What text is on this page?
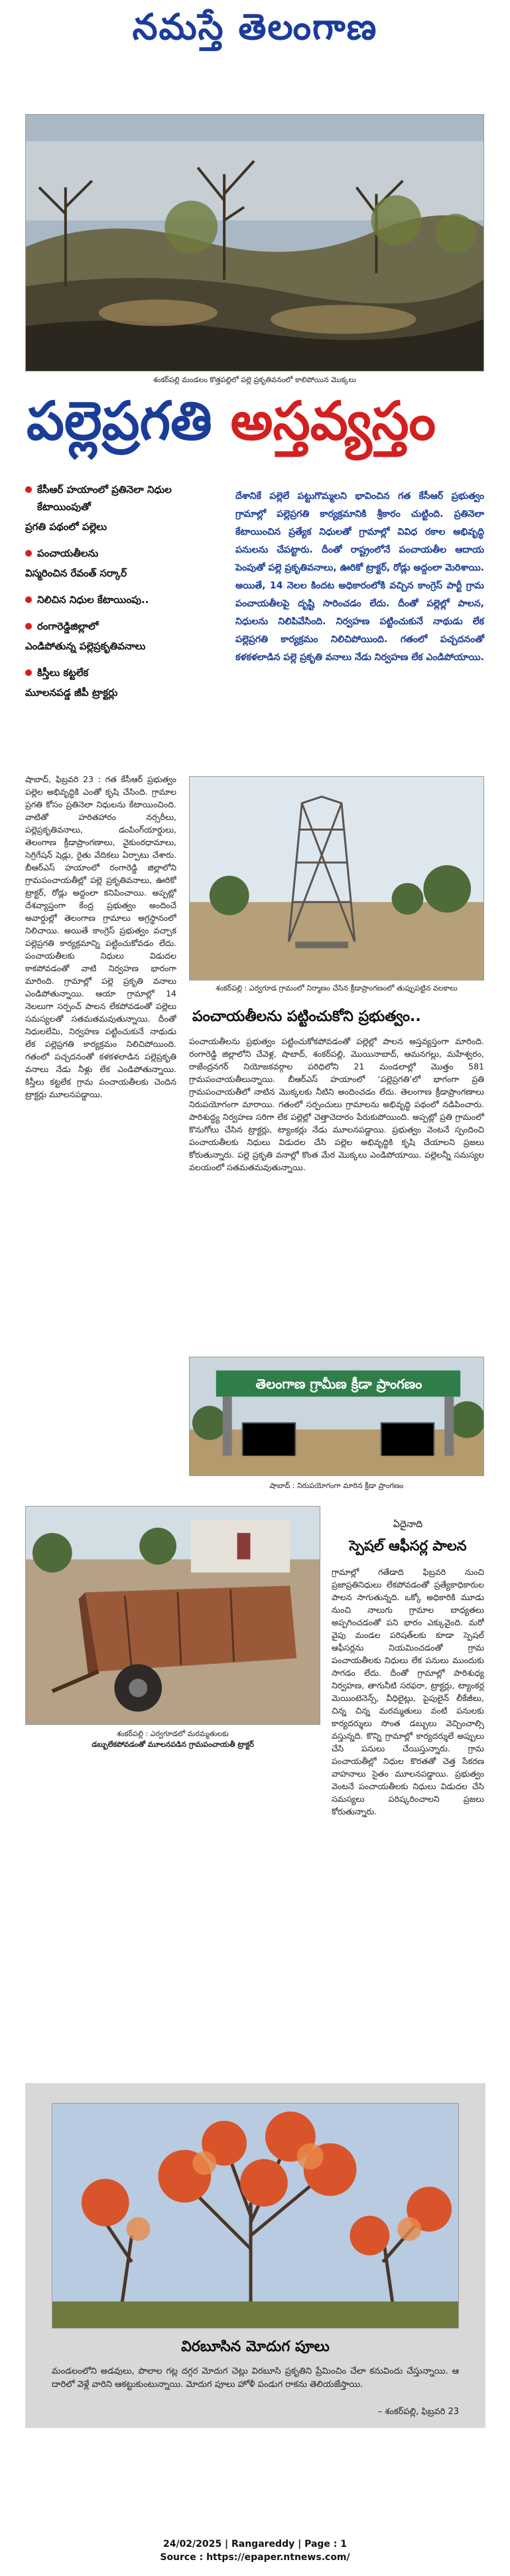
నమస్తే తెలంగాణ
శంకర్‌పల్లి మండలం కొత్తపల్లిలో పల్లె ప్రకృతివనంలో కాలిపోయిన మొక్కలు
పల్లెప్రగతి అస్తవ్యస్తం
కేసీఆర్ హయాంలో ప్రతినెలా నిధుల కేటాయింపుతో
ప్రగతి పథంలో పల్లెలు
పంచాయతీలను
విస్మరించిన రేవంత్ సర్కార్
నిలిచిన నిధుల కేటాయింపు..
రంగారెడ్డిజిల్లాలో
ఎండిపోతున్న పల్లెప్రకృతివనాలు
కిస్తీలు కట్టలేక
మూలనపడ్డ జీపీ ట్రాక్టర్లు
దేశానికే పల్లెలే పట్టుగొమ్మలని భావించిన గత కేసీఆర్ ప్రభుత్వం గ్రామాల్లో పల్లెప్రగతి కార్యక్రమానికి శ్రీకారం చుట్టింది. ప్రతినెలా కేటాయించిన ప్రత్యేక నిధులతో గ్రామాల్లో వివిధ రకాల అభివృద్ధి పనులను చేపట్టారు. దీంతో రాష్ట్రంలోనే పంచాయతీల ఆదాయ పెంపుతో పల్లె ప్రకృతివనాలు, ఊరికో ట్రాక్టర్, రోడ్లు అద్దంలా మెరిశాయి. అయితే, 14 నెలల కిందట అధికారంలోకి వచ్చిన కాంగ్రెస్ పార్టీ గ్రామ పంచాయతీలపై దృష్టి సారించడం లేదు. దీంతో పల్లెల్లో పాలన, నిధులను నిలిపివేసింది. నిర్వహణ పట్టించుకునే నాథుడు లేక పల్లెప్రగతి కార్యక్రమం నిలిచిపోయింది. గతంలో పచ్చదనంతో కళకళలాడిన పల్లె ప్రకృతి వనాలు నేడు నిర్వహణ లేక ఎండిపోయాయి.
షాబాద్, ఫిబ్రవరి 23 : గత కేసీఆర్ ప్రభుత్వం పల్లెల అభివృద్ధికి ఎంతో కృషి చేసింది. గ్రామాల ప్రగతి కోసం ప్రతినెలా నిధులను కేటాయించింది. వాటితో హరితహారం నర్సరీలు, పల్లెప్రకృతివనాలు, డంపింగ్‌యార్డులు, తెలంగాణ క్రీడాప్రాంగణాలు, వైకుంఠధామాలు, సెగ్రిగేషన్ షెడ్లు, రైతు వేదికలు ఏర్పాటు చేశారు. బీఆర్ఎస్ హయాంలో రంగారెడ్డి జిల్లాలోని గ్రామపంచాయతీల్లో పల్లె ప్రకృతివనాలు, ఊరికో ట్రాక్టర్, రోడ్లు అద్దంలా కనిపించాయి. అప్పట్లో దేశవ్యాప్తంగా కేంద్ర ప్రభుత్వం అందించే అవార్డుల్లో తెలంగాణ గ్రామాలు అగ్రస్థానంలో నిలిచాయి. అయితే కాంగ్రెస్ ప్రభుత్వం వచ్చాక పల్లెప్రగతి కార్యక్రమాన్ని పట్టించుకోవడం లేదు. పంచాయతీలకు నిధులు విడుదల కాకపోవడంతో వాటి నిర్వహణ భారంగా మారింది. గ్రామాల్లో పల్లె ప్రకృతి వనాలు ఎండిపోతున్నాయి. ఆయా గ్రామాల్లో 14 నెలలుగా సర్పంచ్ పాలన లేకపోవడంతో పల్లెలు సమస్యలతో సతమతమవుతున్నాయి. దీంతో నిధులలేమి, నిర్వహణ పట్టించుకునే నాథుడు లేక పల్లెప్రగతి కార్యక్రమం నిలిచిపోయింది. గతంలో పచ్చదనంతో కళకళలాడిన పల్లెప్రకృతి వనాలు నేడు నీళ్లు లేక ఎండిపోతున్నాయి. కిస్తీలు కట్టలేక గ్రామ పంచాయతీలకు చెందిన ట్రాక్టర్లు మూలనపడ్డాయి.
శంకర్‌పల్లి : ఎర్వగూడ గ్రామంలో నిర్మాణం చేసిన క్రీడాప్రాంగణంలో తుప్పుపట్టిన వలకాలు
పంచాయతీలను పట్టించుకోని ప్రభుత్వం..
పంచాయతీలను ప్రభుత్వం పట్టించుకోకపోవడంతో పల్లెల్లో పాలన అస్తవ్యస్తంగా మారింది. రంగారెడ్డి జిల్లాలోని చేవెళ్ల, షాబాద్, శంకర్‌పల్లి, మొయినాబాద్, ఆమనగల్లు, మహేశ్వరం, రాజేంద్రనగర్ నియోజకవర్గాల పరిధిలోని 21 మండలాల్లో మొత్తం 581 గ్రామపంచాయతీలున్నాయి. బీఆర్ఎస్ హయాంలో ‘పల్లెప్రగతి’లో భాగంగా ప్రతి గ్రామపంచాయతీలో నాటిన మొక్కలకు నీటిని అందించడం లేదు. తెలంగాణ క్రీడాప్రాంగణాలు నిరుపయోగంగా మారాయి. గతంలో సర్పంచులు గ్రామాలను అభివృద్ధి పథంలో నడిపించారు. పారిశుద్ధ్య నిర్వహణ సరిగా లేక పల్లెల్లో చెత్తాచెదారం పేరుకుపోయింది. అప్పట్లో ప్రతి గ్రామంలో కొనుగోలు చేసిన ట్రాక్టర్లు, ట్యాంకర్లు నేడు మూలనపడ్డాయి. ప్రభుత్వం వెంటనే స్పందించి పంచాయతీలకు నిధులు విడుదల చేసి పల్లెల అభివృద్ధికి కృషి చేయాలని ప్రజలు కోరుతున్నారు. పల్లె ప్రకృతి వనాల్లో కొంత మేర మొక్కలు ఎండిపోయాయి. పల్లెలన్నీ సమస్యల వలయంలో సతమతమవుతున్నాయి.
తెలంగాణ గ్రామీణ క్రీడా ప్రాంగణం
షాబాద్ : నిరుపయోగంగా మారిన క్రీడా ప్రాంగణం
శంకర్‌పల్లి : ఎర్వగూడలో మరమ్మతులకు
డబ్బులేకపోవడంతో మూలనపడిన గ్రామపంచాయతీ ట్రాక్టర్
ఏదైనాది
స్పెషల్ ఆఫీసర్ల పాలన
గ్రామాల్లో గతేడాది ఫిబ్రవరి నుంచి ప్రజాప్రతినిధులు లేకపోవడంతో ప్రత్యేకాధికారుల పాలన సాగుతున్నది. ఒక్కో అధికారికి మూడు నుంచి నాలుగు గ్రామాల బాధ్యతలు అప్పగించడంతో పని భారం ఎక్కువైంది. మరో వైపు మండల పరిషత్‌లకు కూడా స్పెషల్ ఆఫీసర్లను నియమించడంతో గ్రామ పంచాయతీలకు నిధులు లేక పనులు ముందుకు సాగడం లేదు. దీంతో గ్రామాల్లో పారిశుధ్య నిర్వహణ, తాగునీటి సరఫరా, ట్రాక్టర్లు, ట్యాంకర్ల మెయింటెనెన్స్, వీధిలైట్లు, పైపులైన్ లీకేజీలు, చిన్న చిన్న మరమ్మతులు వంటి పనులకు కార్యదర్శులు సొంత డబ్బులు వెచ్చించాల్సి వస్తున్నది. కొన్ని గ్రామాల్లో కార్యదర్శులే అప్పులు చేసి పనులు చేయిస్తున్నారు. గ్రామ పంచాయతీల్లో నిధుల కొరతతో చెత్త సేకరణ వాహనాలు సైతం మూలనపడ్డాయి. ప్రభుత్వం వెంటనే పంచాయతీలకు నిధులు విడుదల చేసి సమస్యలు పరిష్కరించాలని ప్రజలు కోరుతున్నారు.
విరబూసిన మోదుగ పూలు
మండలంలోని అడవులు, పొలాల గట్ల దగ్గర మోదుగ చెట్లు విరబూసి ప్రకృతిని ప్రేమించిం చేలా కనువిందు చేస్తున్నాయి. ఆ దారిలో వెళ్లే వారిని ఆకట్టుకుంటున్నాయి. మోదుగ పూలు హోళీ పండుగ రాకను తెలియజేస్తాయి.
– శంకర్‌పల్లి, ఫిబ్రవరి 23
24/02/2025 | Rangareddy | Page : 1
Source : https://epaper.ntnews.com/
